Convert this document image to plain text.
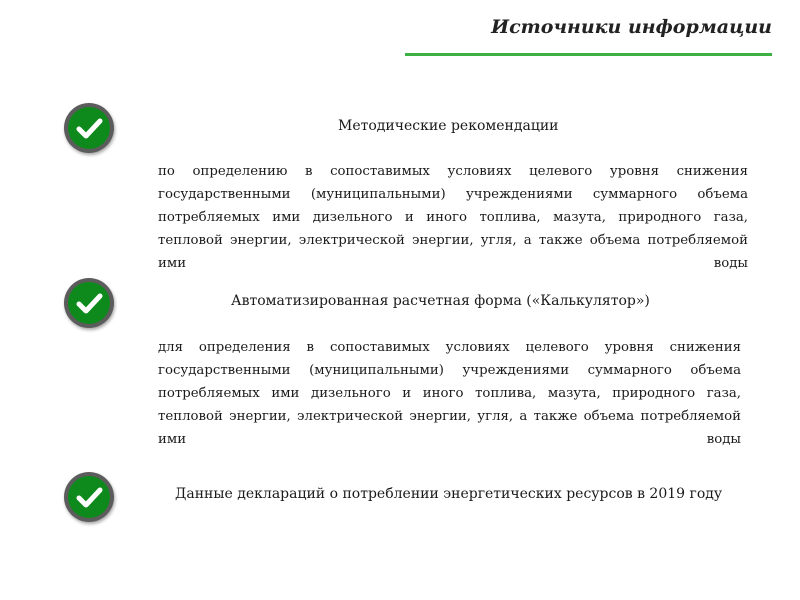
Источники информации
Методические рекомендации
по определению в сопоставимых условиях целевого уровня снижения государственными (муниципальными) учреждениями суммарного объема потребляемых ими дизельного и иного топлива, мазута, природного газа, тепловой энергии, электрической энергии, угля, а также объема потребляемой ими воды
Автоматизированная расчетная форма («Калькулятор»)
для определения в сопоставимых условиях целевого уровня снижения государственными (муниципальными) учреждениями суммарного объема потребляемых ими дизельного и иного топлива, мазута, природного газа, тепловой энергии, электрической энергии, угля, а также объема потребляемой ими воды
Данные деклараций о потреблении энергетических ресурсов в 2019 году
